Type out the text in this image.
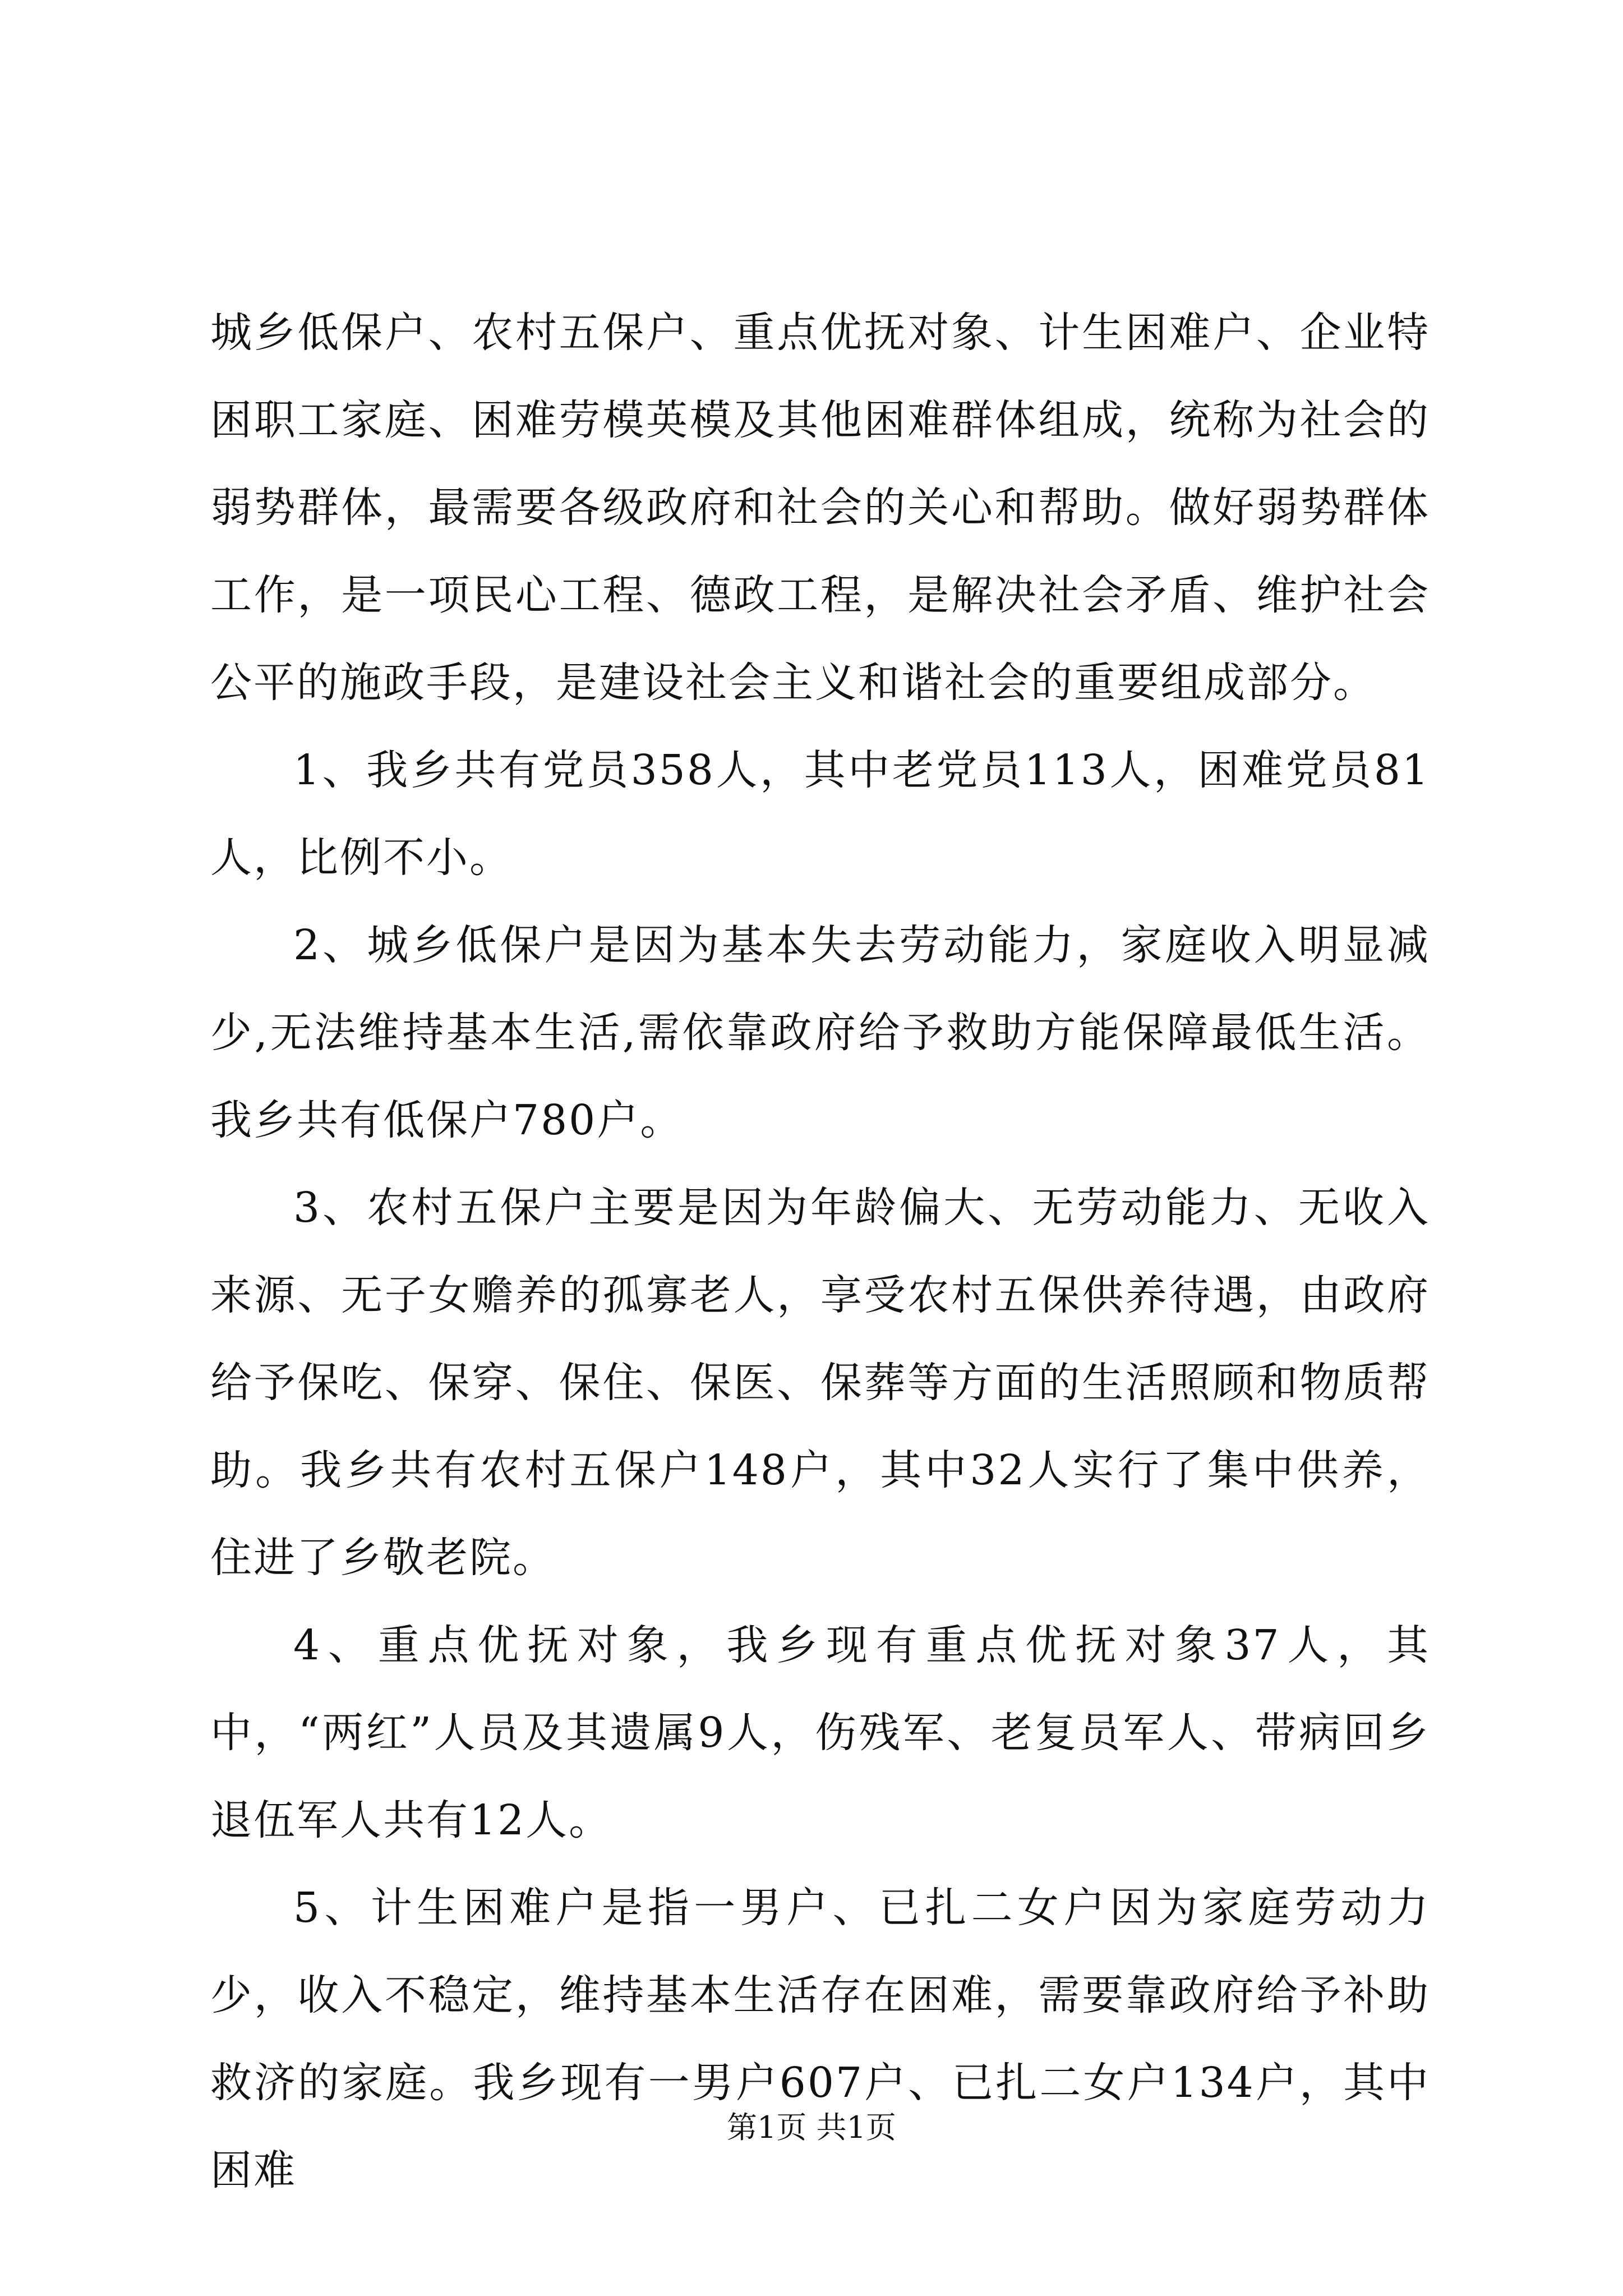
城乡低保户、农村五保户、重点优抚对象、计生困难户、企业特困职工家庭、困难劳模英模及其他困难群体组成，统称为社会的弱势群体，最需要各级政府和社会的关心和帮助。做好弱势群体工作，是一项民心工程、德政工程，是解决社会矛盾、维护社会公平的施政手段，是建设社会主义和谐社会的重要组成部分。

1、我乡共有党员358人，其中老党员113人，困难党员81人，比例不小。

2、城乡低保户是因为基本失去劳动能力，家庭收入明显减少,无法维持基本生活,需依靠政府给予救助方能保障最低生活。我乡共有低保户780户。

3、农村五保户主要是因为年龄偏大、无劳动能力、无收入来源、无子女赡养的孤寡老人，享受农村五保供养待遇，由政府给予保吃、保穿、保住、保医、保葬等方面的生活照顾和物质帮助。我乡共有农村五保户148户，其中32人实行了集中供养，住进了乡敬老院。

4、重点优抚对象，我乡现有重点优抚对象37人，其中，“两红”人员及其遗属9人，伤残军、老复员军人、带病回乡退伍军人共有12人。

5、计生困难户是指一男户、已扎二女户因为家庭劳动力少，收入不稳定，维持基本生活存在困难，需要靠政府给予补助救济的家庭。我乡现有一男户607户、已扎二女户134户，其中困难

第1页 共1页
